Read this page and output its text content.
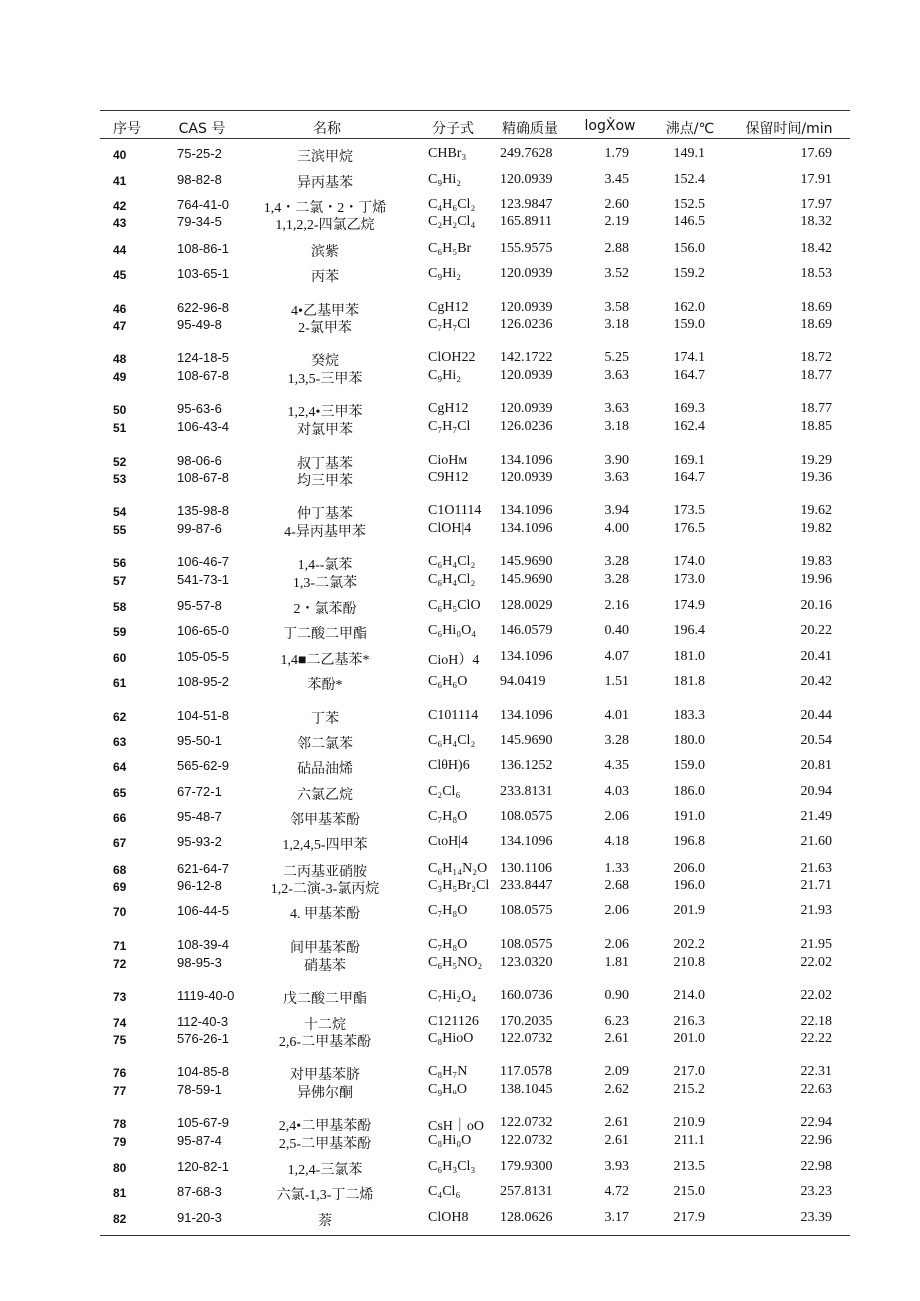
序号	CAS 号	名称	分子式 精确质量 logX̀ow 沸点/℃ 保留时间/min
40	75-25-2	三滨甲烷	CHBr₃ 249.7628	1.79	149.1	17.69
41	98-82-8	异丙基苯	C₉Hi₂	120.0939	3.45	152.4	17.91
42	764-41-0 1,4・二氯・2・丁烯	C₄H₆Cl₂ 123.9847	2.60	152.5	17.97
43	79-34-5	1,1,2,2-四氯乙烷	C₂H₂Cl₄ 165.8911	2.19	146.5	18.32
44	108-86-1	滨紫	C₆H₅Br 155.9575	2.88	156.0	18.42
45	103-65-1	丙苯	C₉Hi₂	120.0939	3.52	159.2	18.53
46	622-96-8	4•乙基甲苯	CgH12 120.0939	3.58	162.0	18.69
47	95-49-8	2-氯甲苯	C₇H₇Cl 126.0236	3.18	159.0	18.69
48	124-18-5	癸烷	ClOH22 142.1722	5.25	174.1	18.72
49	108-67-8	1,3,5-三甲苯	C₉Hi₂	120.0939	3.63	164.7	18.77
50	95-63-6	1,2,4•三甲苯	CgH12 120.0939	3.63	169.3	18.77
51	106-43-4	对氯甲苯	C₇H₇Cl 126.0236	3.18	162.4	18.85
52	98-06-6	叔丁基苯	CioHм 134.1096	3.90	169.1	19.29
53	108-67-8	均三甲苯	C9H12 120.0939	3.63	164.7	19.36
54	135-98-8	仲丁基苯	C1O1114 134.1096	3.94	173.5	19.62
55	99-87-6	4-异丙基甲苯	ClOH|4 134.1096	4.00	176.5	19.82
56	106-46-7	1,4--氯苯	C₆H₄Cl₂ 145.9690	3.28	174.0	19.83
57	541-73-1	1,3-二氯苯	C₆H₄Cl₂ 145.9690	3.28	173.0	19.96
58	95-57-8	2・氯苯酚	C₆H₅ClO 128.0029	2.16	174.9	20.16
59	106-65-0	丁二酸二甲酯	C₆Hi₀O₄ 146.0579	0.40	196.4	20.22
60	105-05-5	1,4■二乙基苯*	CioH）4 134.1096	4.07	181.0	20.41
61	108-95-2	苯酚*	C₆H₆O 94.0419	1.51	181.8	20.42
62	104-51-8	丁苯	C101114 134.1096	4.01	183.3	20.44
63	95-50-1	邻二氯苯	C₆H₄Cl₂ 145.9690	3.28	180.0	20.54
64	565-62-9	砧品油烯	ClθH)6 136.1252	4.35	159.0	20.81
65	67-72-1	六氯乙烷	C₂Cl₆	233.8131	4.03	186.0	20.94
66	95-48-7	邻甲基苯酚	C₇H₈O 108.0575	2.06	191.0	21.49
67	95-93-2	1,2,4,5-四甲苯	CιoH|4 134.1096	4.18	196.8	21.60
68	621-64-7	二丙基亚硝胺	C₆H₁₄N₂O 130.1106	1.33	206.0	21.63
69	96-12-8	1,2-二演-3-氯丙烷	C₃H₅Br₂Cl 233.8447	2.68	196.0	21.71
70	106-44-5	4. 甲基苯酚	C₇H₈O 108.0575	2.06	201.9	21.93
71	108-39-4	间甲基苯酚	C₇H₈O 108.0575	2.06	202.2	21.95
72	98-95-3	硝基苯	C₆H₅NO₂ 123.0320	1.81	210.8	22.02
73	1119-40-0	戊二酸二甲酯	C₇Hi₂O₄ 160.0736	0.90	214.0	22.02
74	112-40-3	十二烷	C121126 170.2035	6.23	216.3	22.18
75	576-26-1	2,6-二甲基苯酚	C₈HioO 122.0732	2.61	201.0	22.22
76	104-85-8	对甲基苯脐	C₈H₇N 117.0578	2.09	217.0	22.31
77	78-59-1	异佛尔酮	C₉HᵤO 138.1045	2.62	215.2	22.63
78	105-67-9	2,4•二甲基苯酚	CsH｜oO 122.0732	2.61	210.9	22.94
79	95-87-4	2,5-二甲基苯酚	C₈Hi₀O 122.0732	2.61	211.1	22.96
80	120-82-1	1,2,4-三氯苯	C₆H₃Cl₃ 179.9300	3.93	213.5	22.98
81	87-68-3	六氯-1,3-丁二烯	C₄Cl₆	257.8131	4.72	215.0	23.23
82	91-20-3	萘	ClOH8 128.0626	3.17	217.9	23.39
